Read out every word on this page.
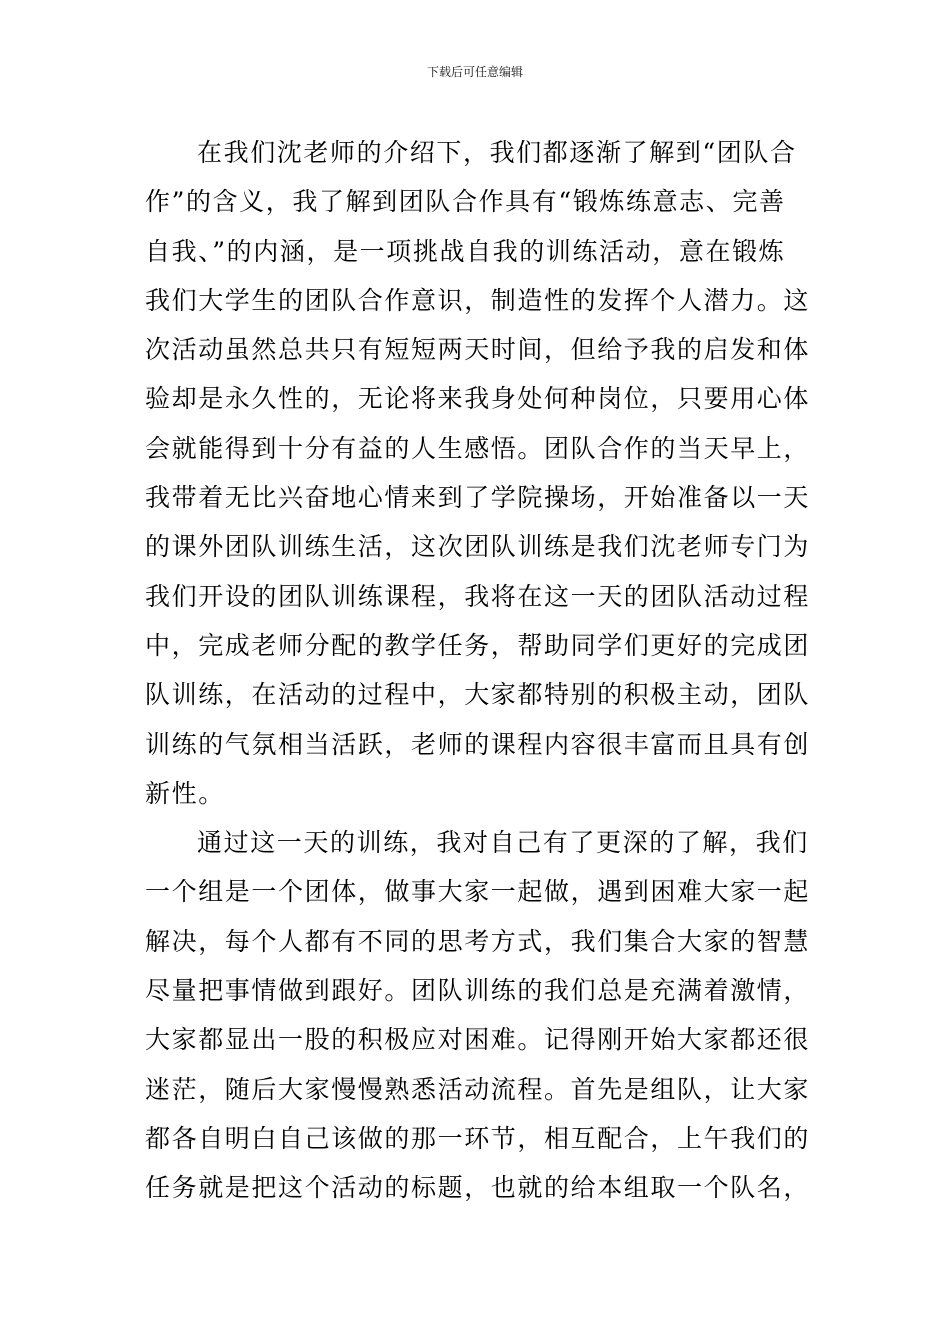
下载后可任意编辑
在我们沈老师的介绍下，我们都逐渐了解到“团队合
作”的含义，我了解到团队合作具有“锻炼练意志、完善
自我、”的内涵，是一项挑战自我的训练活动，意在锻炼
我们大学生的团队合作意识，制造性的发挥个人潜力。这
次活动虽然总共只有短短两天时间，但给予我的启发和体
验却是永久性的，无论将来我身处何种岗位，只要用心体
会就能得到十分有益的人生感悟。团队合作的当天早上，
我带着无比兴奋地心情来到了学院操场，开始准备以一天
的课外团队训练生活，这次团队训练是我们沈老师专门为
我们开设的团队训练课程，我将在这一天的团队活动过程
中，完成老师分配的教学任务，帮助同学们更好的完成团
队训练，在活动的过程中，大家都特别的积极主动，团队
训练的气氛相当活跃，老师的课程内容很丰富而且具有创
新性。
通过这一天的训练，我对自己有了更深的了解，我们
一个组是一个团体，做事大家一起做，遇到困难大家一起
解决，每个人都有不同的思考方式，我们集合大家的智慧
尽量把事情做到跟好。团队训练的我们总是充满着激情，
大家都显出一股的积极应对困难。记得刚开始大家都还很
迷茫，随后大家慢慢熟悉活动流程。首先是组队，让大家
都各自明白自己该做的那一环节，相互配合，上午我们的
任务就是把这个活动的标题，也就的给本组取一个队名，
